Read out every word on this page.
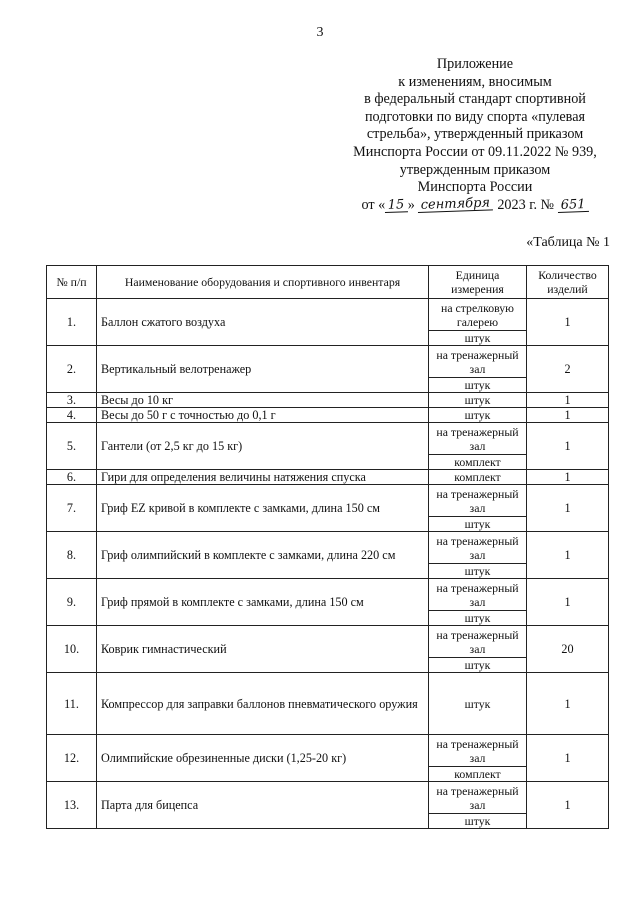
3
Приложение
к изменениям, вносимым
в федеральный стандарт спортивной
подготовки по виду спорта «пулевая
стрельба», утвержденный приказом
Минспорта России от 09.11.2022 № 939,
утвержденным приказом
Минспорта России
от « 15 » сентября 2023 г. № 651
«Таблица № 1
№ п/п	Наименование оборудования и спортивного инвентаря	Единица измерения	Количество изделий
1.	Баллон сжатого воздуха	на стрелковую галерею	1
		штук	
2.	Вертикальный велотренажер	на тренажерный зал	2
		штук	
3.	Весы до 10 кг	штук	1
4.	Весы до 50 г с точностью до 0,1 г	штук	1
5.	Гантели (от 2,5 кг до 15 кг)	на тренажерный зал	1
		комплект	
6.	Гири для определения величины натяжения спуска	комплект	1
7.	Гриф EZ кривой в комплекте с замками, длина 150 см	на тренажерный зал	1
		штук	
8.	Гриф олимпийский в комплекте с замками, длина 220 см	на тренажерный зал	1
		штук	
9.	Гриф прямой в комплекте с замками, длина 150 см	на тренажерный зал	1
		штук	
10.	Коврик гимнастический	на тренажерный зал	20
		штук	
11.	Компрессор для заправки баллонов пневматического оружия	штук	1
12.	Олимпийские обрезиненные диски (1,25-20 кг)	на тренажерный зал	1
		комплект	
13.	Парта для бицепса	на тренажерный зал	1
		штук	
